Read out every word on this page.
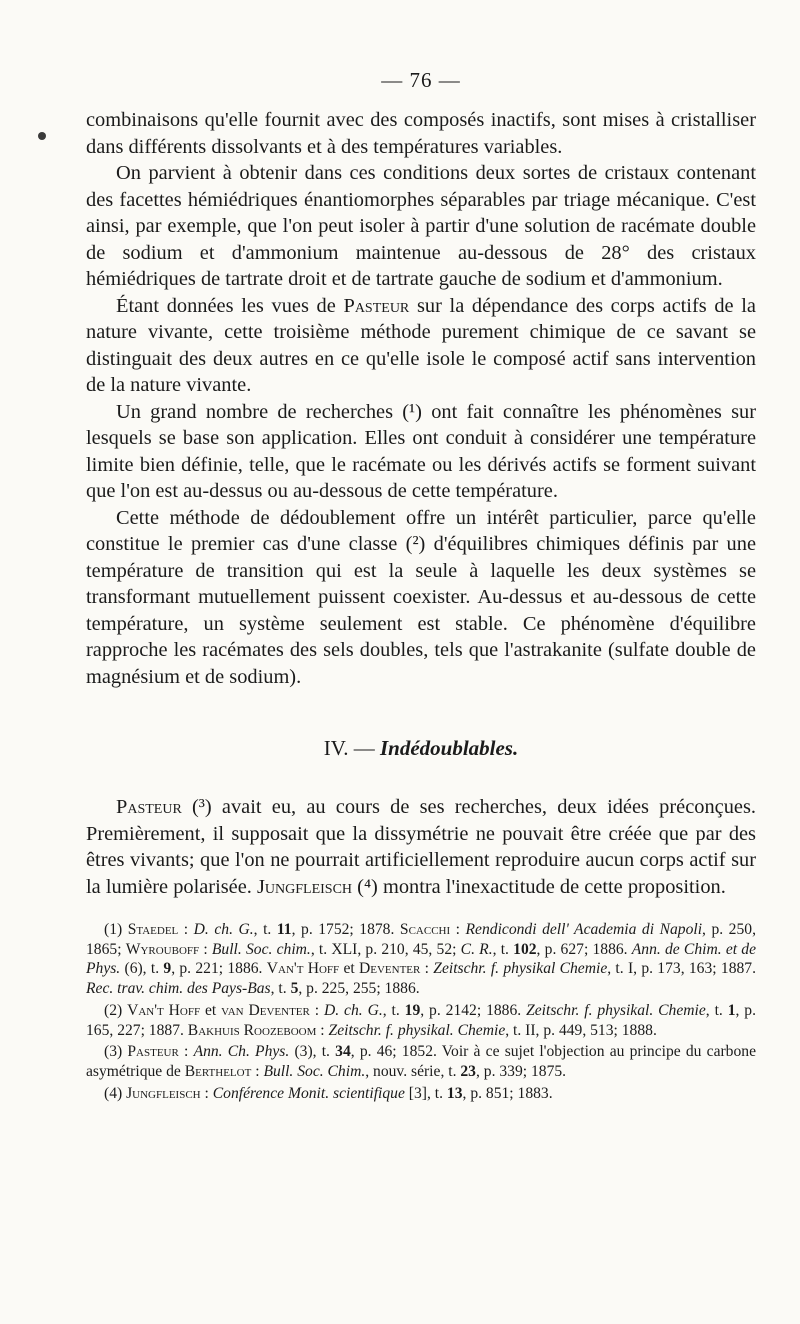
— 76 —

combinaisons qu'elle fournit avec des composés inactifs, sont mises à cristalliser dans différents dissolvants et à des températures variables.

On parvient à obtenir dans ces conditions deux sortes de cristaux contenant des facettes hémiédriques énantiomorphes séparables par triage mécanique. C'est ainsi, par exemple, que l'on peut isoler à partir d'une solution de racémate double de sodium et d'ammonium maintenue au-dessous de 28° des cristaux hémiédriques de tartrate droit et de tartrate gauche de sodium et d'ammonium.

Étant données les vues de Pasteur sur la dépendance des corps actifs de la nature vivante, cette troisième méthode purement chimique de ce savant se distinguait des deux autres en ce qu'elle isole le composé actif sans intervention de la nature vivante.

Un grand nombre de recherches (¹) ont fait connaître les phénomènes sur lesquels se base son application. Elles ont conduit à considérer une température limite bien définie, telle, que le racémate ou les dérivés actifs se forment suivant que l'on est au-dessus ou au-dessous de cette température.

Cette méthode de dédoublement offre un intérêt particulier, parce qu'elle constitue le premier cas d'une classe (²) d'équilibres chimiques définis par une température de transition qui est la seule à laquelle les deux systèmes se transformant mutuellement puissent coexister. Au-dessus et au-dessous de cette température, un système seulement est stable. Ce phénomène d'équilibre rapproche les racémates des sels doubles, tels que l'astrakanite (sulfate double de magnésium et de sodium).

IV. — Indédoublables.

Pasteur (³) avait eu, au cours de ses recherches, deux idées préconçues. Premièrement, il supposait que la dissymétrie ne pouvait être créée que par des êtres vivants; que l'on ne pourrait artificiellement reproduire aucun corps actif sur la lumière polarisée. Jungfleisch (⁴) montra l'inexactitude de cette proposition.

(1) Staedel : D. ch. G., t. 11, p. 1752; 1878. Scacchi : Rendicondi dell' Academia di Napoli, p. 250, 1865; Wyrouboff : Bull. Soc. chim., t. XLI, p. 210, 45, 52; C. R., t. 102, p. 627; 1886. Ann. de Chim. et de Phys. (6), t. 9, p. 221; 1886. Van't Hoff et Deventer : Zeitschr. f. physikal Chemie, t. I, p. 173, 163; 1887. Rec. trav. chim. des Pays-Bas, t. 5, p. 225, 255; 1886.

(2) Van't Hoff et van Deventer : D. ch. G., t. 19, p. 2142; 1886. Zeitschr. f. physikal. Chemie, t. 1, p. 165, 227; 1887. Bakhuis Roozeboom : Zeitschr. f. physikal. Chemie, t. II, p. 449, 513; 1888.

(3) Pasteur : Ann. Ch. Phys. (3), t. 34, p. 46; 1852. Voir à ce sujet l'objection au principe du carbone asymétrique de Berthelot : Bull. Soc. Chim., nouv. série, t. 23, p. 339; 1875.

(4) Jungfleisch : Conférence Monit. scientifique [3], t. 13, p. 851; 1883.
